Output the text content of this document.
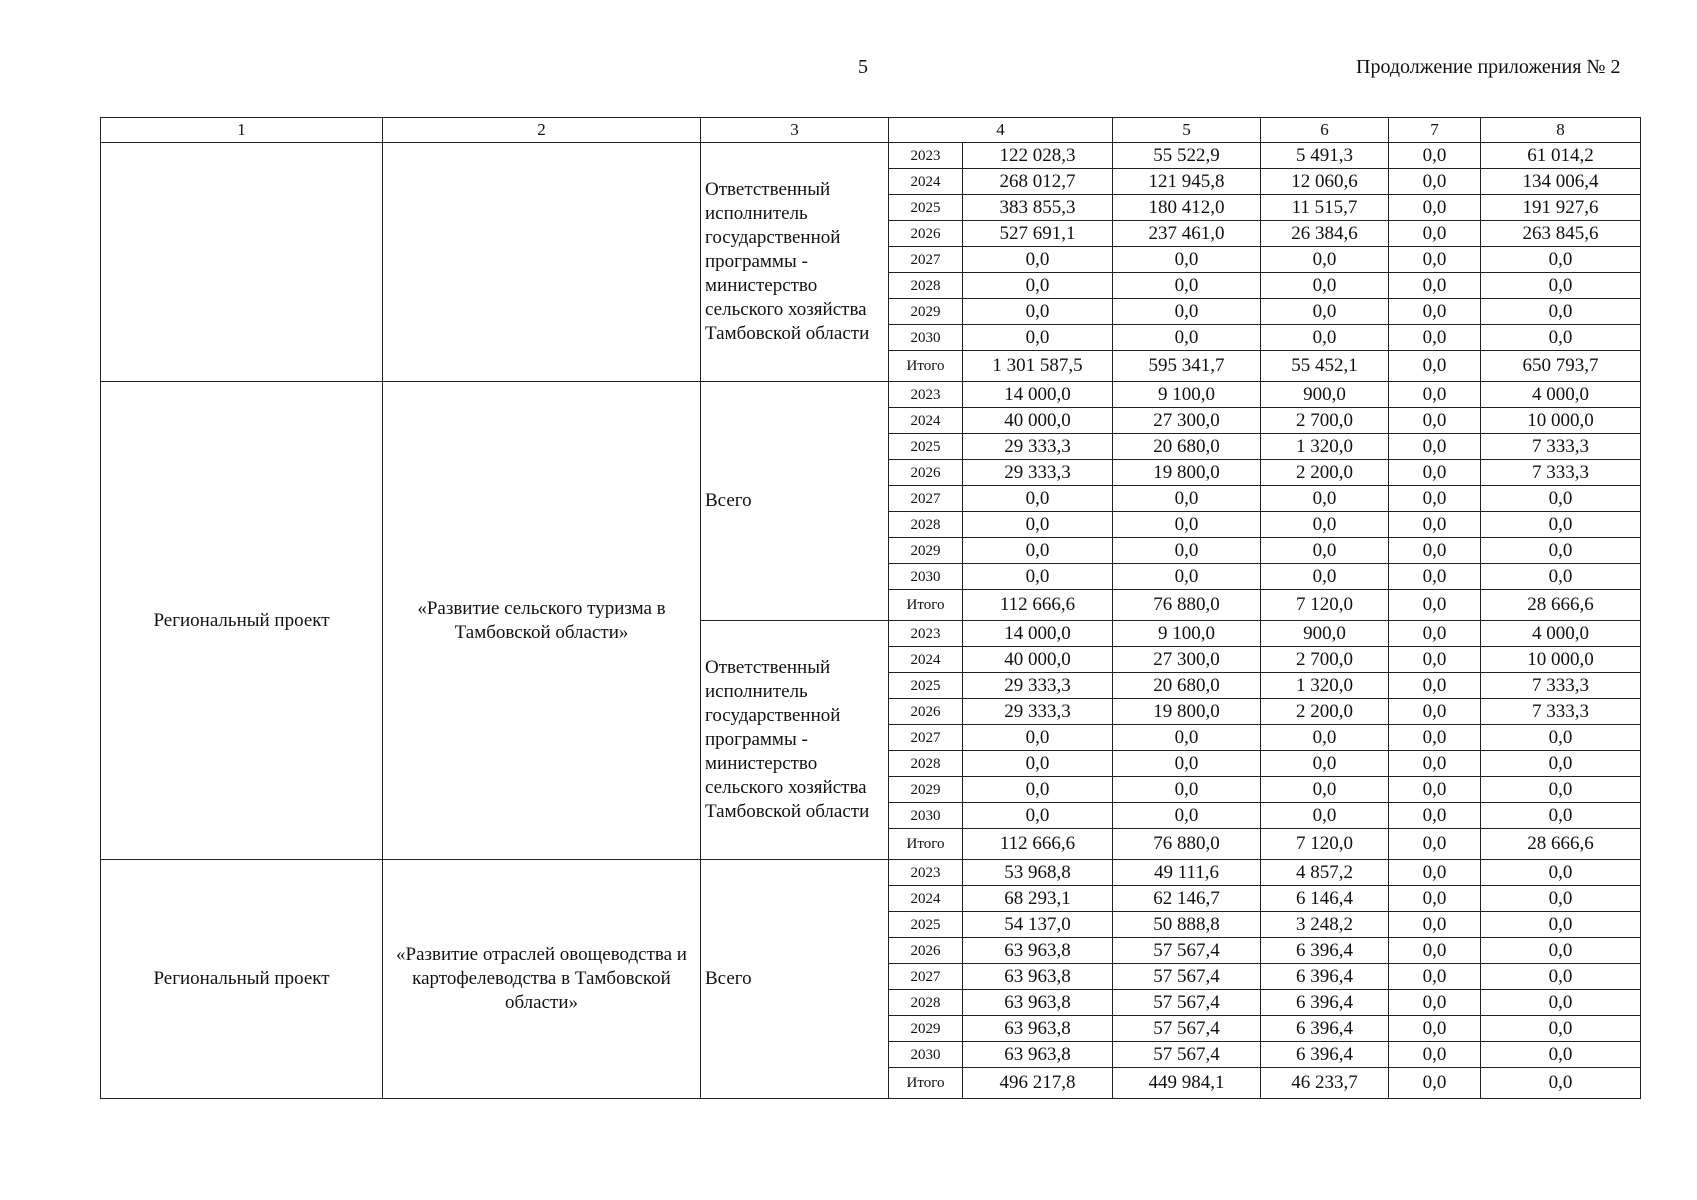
5	Продолжение приложения № 2
1	2	3	4		5	6	7	8
		Ответственный исполнитель государственной программы - министерство сельского хозяйства Тамбовской области	2023	122 028,3	55 522,9	5 491,3	0,0	61 014,2
			2024	268 012,7	121 945,8	12 060,6	0,0	134 006,4
			2025	383 855,3	180 412,0	11 515,7	0,0	191 927,6
			2026	527 691,1	237 461,0	26 384,6	0,0	263 845,6
			2027	0,0	0,0	0,0	0,0	0,0
			2028	0,0	0,0	0,0	0,0	0,0
			2029	0,0	0,0	0,0	0,0	0,0
			2030	0,0	0,0	0,0	0,0	0,0
			Итого	1 301 587,5	595 341,7	55 452,1	0,0	650 793,7
Региональный проект	«Развитие сельского туризма в Тамбовской области»	Всего	2023	14 000,0	9 100,0	900,0	0,0	4 000,0
			2024	40 000,0	27 300,0	2 700,0	0,0	10 000,0
			2025	29 333,3	20 680,0	1 320,0	0,0	7 333,3
			2026	29 333,3	19 800,0	2 200,0	0,0	7 333,3
			2027	0,0	0,0	0,0	0,0	0,0
			2028	0,0	0,0	0,0	0,0	0,0
			2029	0,0	0,0	0,0	0,0	0,0
			2030	0,0	0,0	0,0	0,0	0,0
			Итого	112 666,6	76 880,0	7 120,0	0,0	28 666,6
		Ответственный исполнитель государственной программы - министерство сельского хозяйства Тамбовской области	2023	14 000,0	9 100,0	900,0	0,0	4 000,0
			2024	40 000,0	27 300,0	2 700,0	0,0	10 000,0
			2025	29 333,3	20 680,0	1 320,0	0,0	7 333,3
			2026	29 333,3	19 800,0	2 200,0	0,0	7 333,3
			2027	0,0	0,0	0,0	0,0	0,0
			2028	0,0	0,0	0,0	0,0	0,0
			2029	0,0	0,0	0,0	0,0	0,0
			2030	0,0	0,0	0,0	0,0	0,0
			Итого	112 666,6	76 880,0	7 120,0	0,0	28 666,6
Региональный проект	«Развитие отраслей овощеводства и картофелеводства в Тамбовской области»	Всего	2023	53 968,8	49 111,6	4 857,2	0,0	0,0
			2024	68 293,1	62 146,7	6 146,4	0,0	0,0
			2025	54 137,0	50 888,8	3 248,2	0,0	0,0
			2026	63 963,8	57 567,4	6 396,4	0,0	0,0
			2027	63 963,8	57 567,4	6 396,4	0,0	0,0
			2028	63 963,8	57 567,4	6 396,4	0,0	0,0
			2029	63 963,8	57 567,4	6 396,4	0,0	0,0
			2030	63 963,8	57 567,4	6 396,4	0,0	0,0
			Итого	496 217,8	449 984,1	46 233,7	0,0	0,0
